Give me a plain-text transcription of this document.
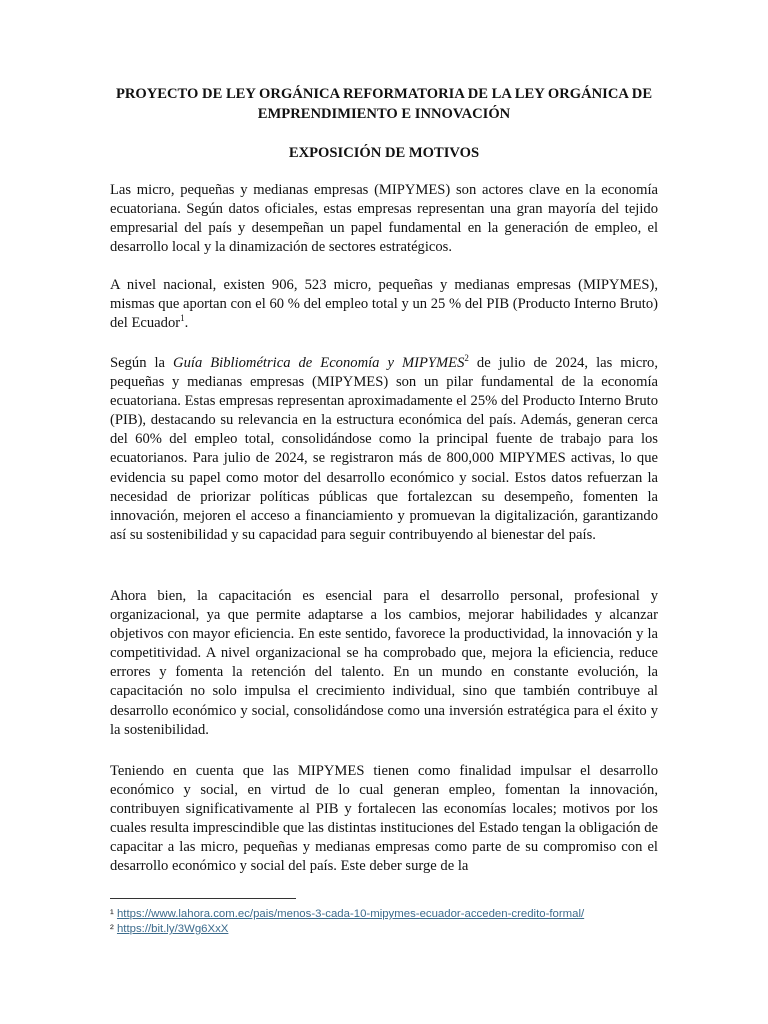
PROYECTO DE LEY ORGÁNICA REFORMATORIA DE LA LEY ORGÁNICA DE EMPRENDIMIENTO E INNOVACIÓN
EXPOSICIÓN DE MOTIVOS

Las micro, pequeñas y medianas empresas (MIPYMES) son actores clave en la economía ecuatoriana. Según datos oficiales, estas empresas representan una gran mayoría del tejido empresarial del país y desempeñan un papel fundamental en la generación de empleo, el desarrollo local y la dinamización de sectores estratégicos.

A nivel nacional, existen 906, 523 micro, pequeñas y medianas empresas (MIPYMES), mismas que aportan con el 60 % del empleo total y un 25 % del PIB (Producto Interno Bruto) del Ecuador$^1$.

Según la Guía Bibliométrica de Economía y MIPYMES$^2$ de julio de 2024, las micro, pequeñas y medianas empresas (MIPYMES) son un pilar fundamental de la economía ecuatoriana. Estas empresas representan aproximadamente el 25% del Producto Interno Bruto (PIB), destacando su relevancia en la estructura económica del país. Además, generan cerca del 60% del empleo total, consolidándose como la principal fuente de trabajo para los ecuatorianos. Para julio de 2024, se registraron más de 800,000 MIPYMES activas, lo que evidencia su papel como motor del desarrollo económico y social. Estos datos refuerzan la necesidad de priorizar políticas públicas que fortalezcan su desempeño, fomenten la innovación, mejoren el acceso a financiamiento y promuevan la digitalización, garantizando así su sostenibilidad y su capacidad para seguir contribuyendo al bienestar del país.

Ahora bien, la capacitación es esencial para el desarrollo personal, profesional y organizacional, ya que permite adaptarse a los cambios, mejorar habilidades y alcanzar objetivos con mayor eficiencia. En este sentido, favorece la productividad, la innovación y la competitividad. A nivel organizacional se ha comprobado que, mejora la eficiencia, reduce errores y fomenta la retención del talento. En un mundo en constante evolución, la capacitación no solo impulsa el crecimiento individual, sino que también contribuye al desarrollo económico y social, consolidándose como una inversión estratégica para el éxito y la sostenibilidad.

Teniendo en cuenta que las MIPYMES tienen como finalidad impulsar el desarrollo económico y social, en virtud de lo cual generan empleo, fomentan la innovación, contribuyen significativamente al PIB y fortalecen las economías locales; motivos por los cuales resulta imprescindible que las distintas instituciones del Estado tengan la obligación de capacitar a las micro, pequeñas y medianas empresas como parte de su compromiso con el desarrollo económico y social del país. Este deber surge de la

¹ https://www.lahora.com.ec/pais/menos-3-cada-10-mipymes-ecuador-acceden-credito-formal/
² https://bit.ly/3Wg6XxX
